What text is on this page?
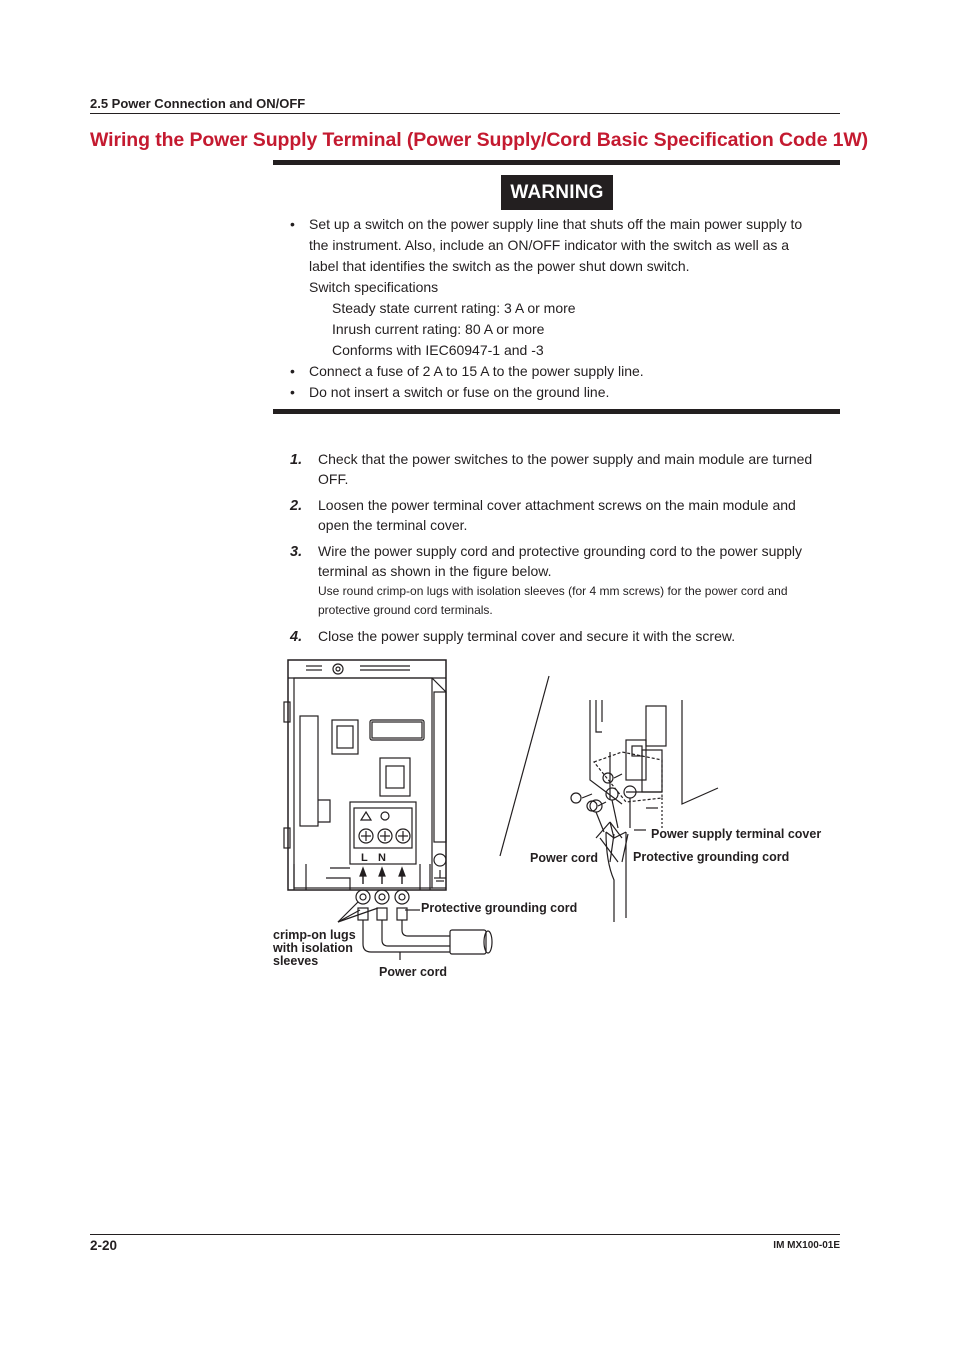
2.5 Power Connection and ON/OFF
Wiring the Power Supply Terminal (Power Supply/Cord Basic Specification Code 1W)
WARNING
• Set up a switch on the power supply line that shuts off the main power supply to
the instrument. Also, include an ON/OFF indicator with the switch as well as a
label that identifies the switch as the power shut down switch.
Switch specifications
Steady state current rating: 3 A or more
Inrush current rating: 80 A or more
Conforms with IEC60947-1 and -3
• Connect a fuse of 2 A to 15 A to the power supply line.
• Do not insert a switch or fuse on the ground line.
1. Check that the power switches to the power supply and main module are turned
OFF.
2. Loosen the power terminal cover attachment screws on the main module and
open the terminal cover.
3. Wire the power supply cord and protective grounding cord to the power supply
terminal as shown in the figure below.
Use round crimp-on lugs with isolation sleeves (for 4 mm screws) for the power cord and
protective ground cord terminals.
4. Close the power supply terminal cover and secure it with the screw.
L N
crimp-on lugs
with isolation
sleeves
Power cord
Protective grounding cord
Power cord
Power supply terminal cover
Protective grounding cord
2-20	IM MX100-01E
